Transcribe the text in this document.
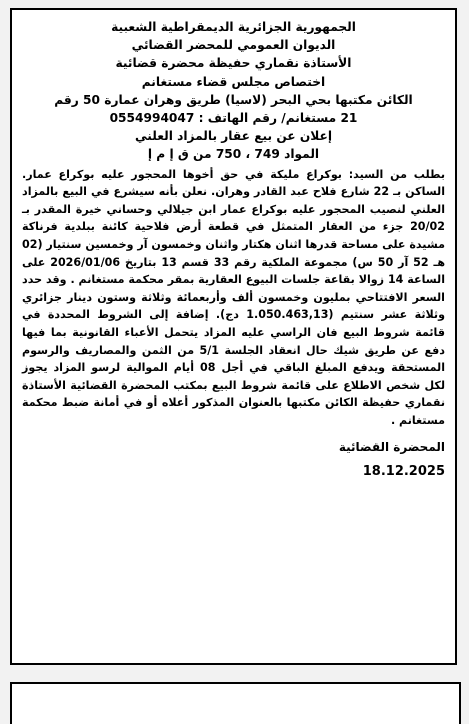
الجمهورية الجزائرية الديمقراطية الشعبية
الديوان العمومي للمحضر القضائي
الأستاذة نقماري حفيظة محضرة قضائية
اختصاص مجلس قضاء مستغانم
الكائن مكتبها بحي البحر (لاسيا) طريق وهران عمارة 50 رقم
21 مستغانم/ رقم الهاتف : 0554994047
إعلان عن بيع عقار بالمزاد العلني
المواد 749 ، 750 من ق إ م إ
بطلب من السيد: بوكراع مليكة في حق أخوها المحجور عليه بوكراع عمار. الساكن بـ 22 شارع فلاح عبد القادر وهران. نعلن بأنه سيشرع في البيع بالمزاد العلني لنصيب المحجور عليه بوكراع عمار ابن جيلالي وحساني خيرة المقدر بـ 20/02 جزء من العقار المتمثل في قطعة أرض فلاحية كائنة ببلدية فرناكة مشيدة على مساحة قدرها اثنان هكتار واثنان وخمسون آر وخمسين سنتيار (02 هـ 52 آر 50 س) مجموعة الملكية رقم 33 قسم 13 بتاريخ 2026/01/06 على الساعة 14 زوالا بقاعة جلسات البيوع العقارية بمقر محكمة مستغانم . وقد حدد السعر الافتتاحي بمليون وخمسون ألف وأربعمائة وثلاثة وستون دينار جزائري وثلاثة عشر سنتيم (1.050.463,13 دج). إضافة إلى الشروط المحددة في قائمة شروط البيع فان الراسي عليه المزاد يتحمل الأعباء القانونية بما فيها دفع عن طريق شيك حال انعقاد الجلسة 5/1 من الثمن والمصاريف والرسوم المستحقة ويدفع المبلغ الباقي في أجل 08 أيام الموالية لرسو المزاد يجوز لكل شخص الاطلاع على قائمة شروط البيع بمكتب المحضرة القضائية الأستاذة نقماري حفيظة الكائن مكتبها بالعنوان المذكور أعلاه أو في أمانة ضبط محكمة مستغانم .
المحضرة القضائية
18.12.2025
